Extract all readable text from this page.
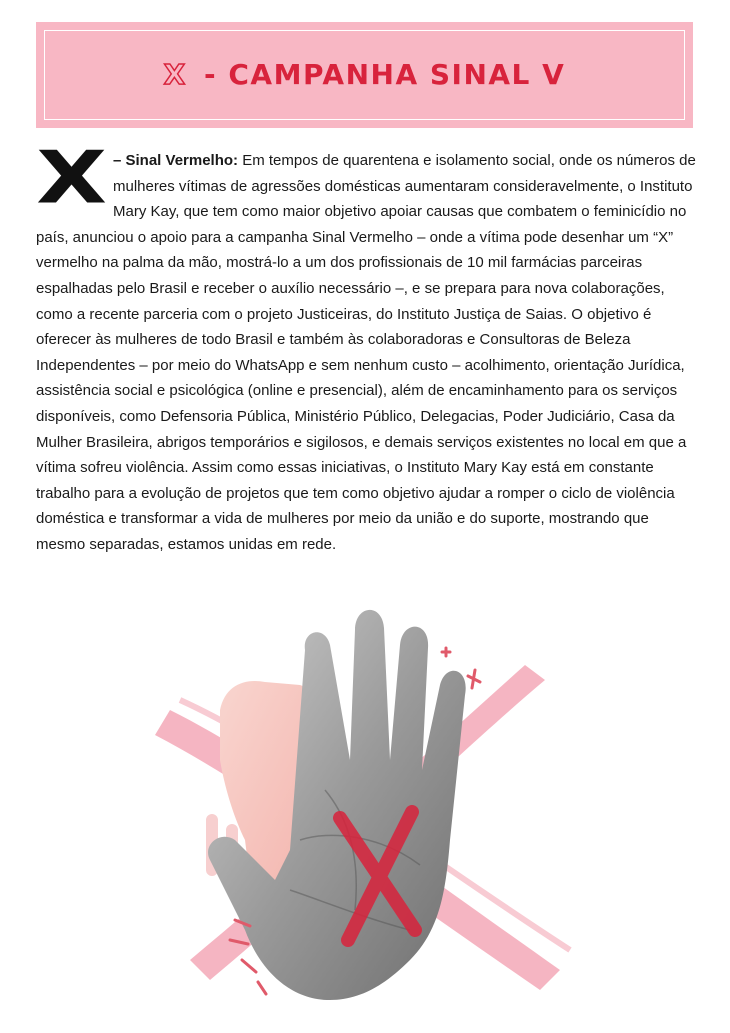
X - CAMPANHA SINAL V
X – Sinal Vermelho: Em tempos de quarentena e isolamento social, onde os números de mulheres vítimas de agressões domésticas aumentaram consideravelmente, o Instituto Mary Kay, que tem como maior objetivo apoiar causas que combatem o feminicídio no país, anunciou o apoio para a campanha Sinal Vermelho – onde a vítima pode desenhar um “X” vermelho na palma da mão, mostrá-lo a um dos profissionais de 10 mil farmácias parceiras espalhadas pelo Brasil e receber o auxílio necessário –, e se prepara para nova colaborações, como a recente parceria com o projeto Justiceiras, do Instituto Justiça de Saias. O objetivo é oferecer às mulheres de todo Brasil e também às colaboradoras e Consultoras de Beleza Independentes – por meio do WhatsApp e sem nenhum custo – acolhimento, orientação Jurídica, assistência social e psicológica (online e presencial), além de encaminhamento para os serviços disponíveis, como Defensoria Pública, Ministério Público, Delegacias, Poder Judiciário, Casa da Mulher Brasileira, abrigos temporários e sigilosos, e demais serviços existentes no local em que a vítima sofreu violência. Assim como essas iniciativas, o Instituto Mary Kay está em constante trabalho para a evolução de projetos que tem como objetivo ajudar a romper o ciclo de violência doméstica e transformar a vida de mulheres por meio da união e do suporte, mostrando que mesmo separadas, estamos unidas em rede.
